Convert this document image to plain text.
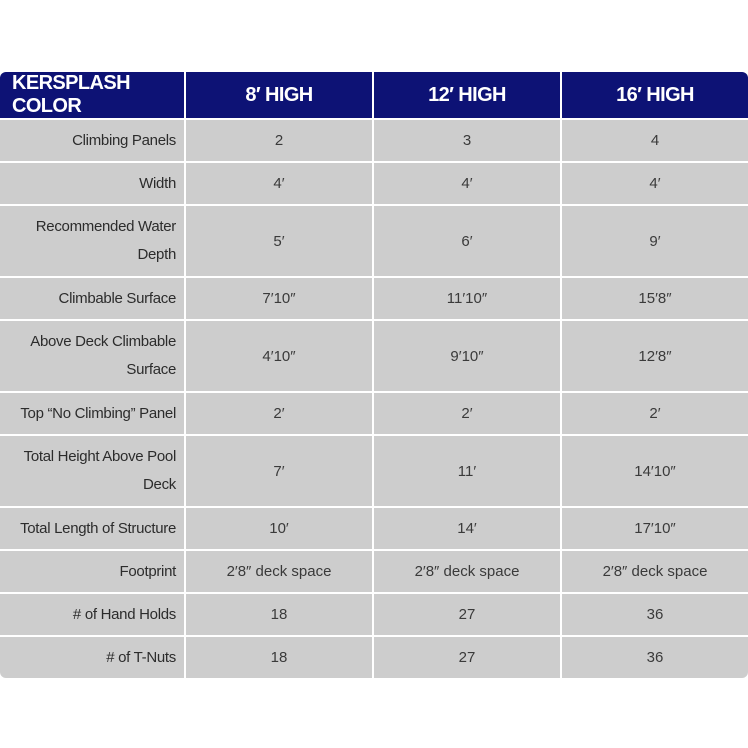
KERSPLASH COLOR	8′ HIGH	12′ HIGH	16′ HIGH
Climbing Panels	2	3	4
Width	4′	4′	4′
Recommended Water Depth	5′	6′	9′
Climbable Surface	7′10″	11′10″	15′8″
Above Deck Climbable Surface	4′10″	9′10″	12′8″
Top “No Climbing” Panel	2′	2′	2′
Total Height Above Pool Deck	7′	11′	14′10″
Total Length of Structure	10′	14′	17′10″
Footprint	2′8″ deck space	2′8″ deck space	2′8″ deck space
# of Hand Holds	18	27	36
# of T-Nuts	18	27	36
